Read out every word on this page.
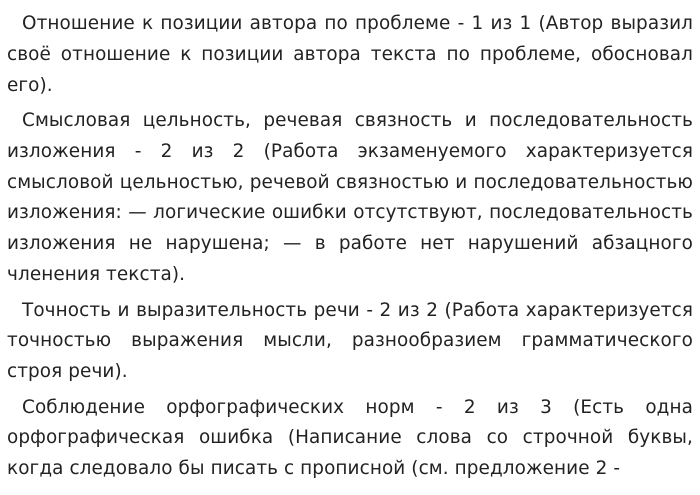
Отношение к позиции автора по проблеме - 1 из 1 (Автор выразил своё отношение к позиции автора текста по проблеме, обосновал его).

Смысловая цельность, речевая связность и последовательность изложения - 2 из 2 (Работа экзаменуемого характеризуется смысловой цельностью, речевой связностью и последовательностью изложения: — логические ошибки отсутствуют, последовательность изложения не нарушена; — в работе нет нарушений абзацного членения текста).

Точность и выразительность речи - 2 из 2 (Работа характеризуется точностью выражения мысли, разнообразием грамматического строя речи).

Соблюдение орфографических норм - 2 из 3 (Есть одна орфографическая ошибка (Написание слова со строчной буквы, когда следовало бы писать с прописной (см. предложение 2 -
